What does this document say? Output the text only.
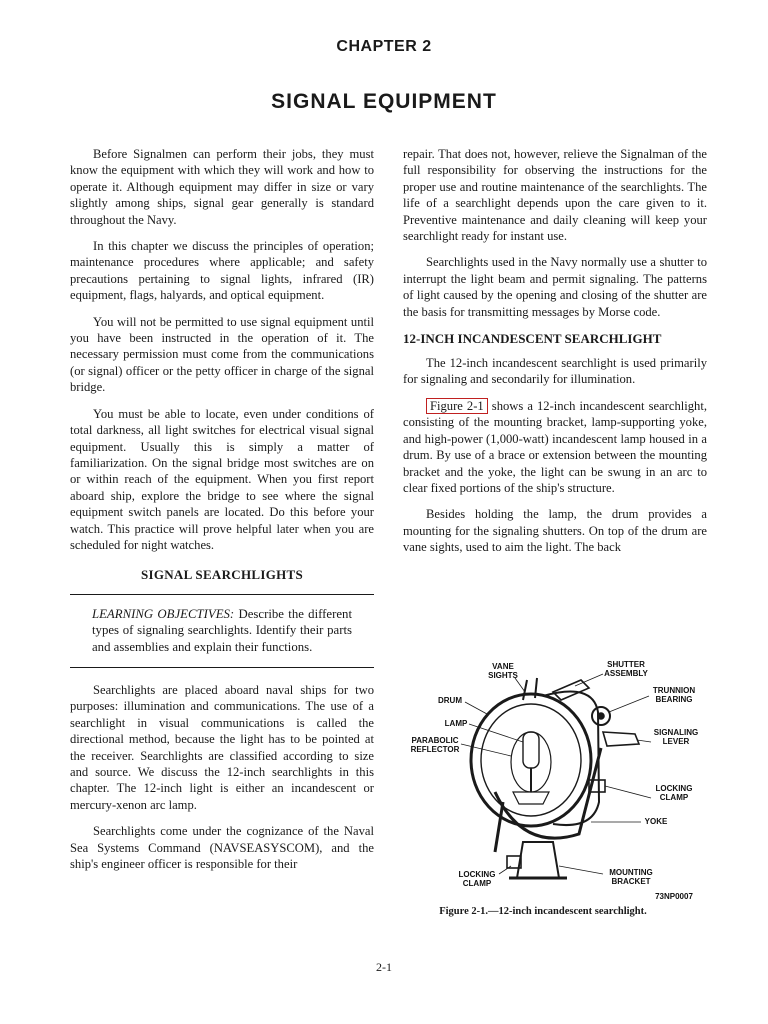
CHAPTER 2
SIGNAL EQUIPMENT

Before Signalmen can perform their jobs, they must know the equipment with which they will work and how to operate it. Although equipment may differ in size or vary slightly among ships, signal gear generally is standard throughout the Navy.

In this chapter we discuss the principles of operation; maintenance procedures where applicable; and safety precautions pertaining to signal lights, infrared (IR) equipment, flags, halyards, and optical equipment.

You will not be permitted to use signal equipment until you have been instructed in the operation of it. The necessary permission must come from the communications (or signal) officer or the petty officer in charge of the signal bridge.

You must be able to locate, even under conditions of total darkness, all light switches for electrical visual signal equipment. Usually this is simply a matter of familiarization. On the signal bridge most switches are on or within reach of the equipment. When you first report aboard ship, explore the bridge to see where the signal equipment switch panels are located. Do this before your watch. This practice will prove helpful later when you are scheduled for night watches.

SIGNAL SEARCHLIGHTS
LEARNING OBJECTIVES: Describe the different types of signaling searchlights. Identify their parts and assemblies and explain their functions.

Searchlights are placed aboard naval ships for two purposes: illumination and communications. The use of a searchlight in visual communications is called the directional method, because the light has to be pointed at the receiver. Searchlights are classified according to size and source. We discuss the 12-inch searchlights in this chapter. The 12-inch light is either an incandescent or mercury-xenon arc lamp.

Searchlights come under the cognizance of the Naval Sea Systems Command (NAVSEASYSCOM), and the ship's engineer officer is responsible for their

repair. That does not, however, relieve the Signalman of the full responsibility for observing the instructions for the proper use and routine maintenance of the searchlights. The life of a searchlight depends upon the care given to it. Preventive maintenance and daily cleaning will keep your searchlight ready for instant use.

Searchlights used in the Navy normally use a shutter to interrupt the light beam and permit signaling. The patterns of light caused by the opening and closing of the shutter are the basis for transmitting messages by Morse code.

12-INCH INCANDESCENT SEARCHLIGHT

The 12-inch incandescent searchlight is used primarily for signaling and secondarily for illumination.

Figure 2-1 shows a 12-inch incandescent searchlight, consisting of the mounting bracket, lamp-supporting yoke, and high-power (1,000-watt) incandescent lamp housed in a drum. By use of a brace or extension between the mounting bracket and the yoke, the light can be swung in an arc to clear fixed portions of the ship's structure.

Besides holding the lamp, the drum provides a mounting for the signaling shutters. On top of the drum are vane sights, used to aim the light. The back

VANE SIGHTS
SHUTTER ASSEMBLY
TRUNNION BEARING
DRUM
LAMP
PARABOLIC REFLECTOR
SIGNALING LEVER
LOCKING CLAMP
YOKE
LOCKING CLAMP
MOUNTING BRACKET
73NP0007
Figure 2-1.—12-inch incandescent searchlight.
2-1
